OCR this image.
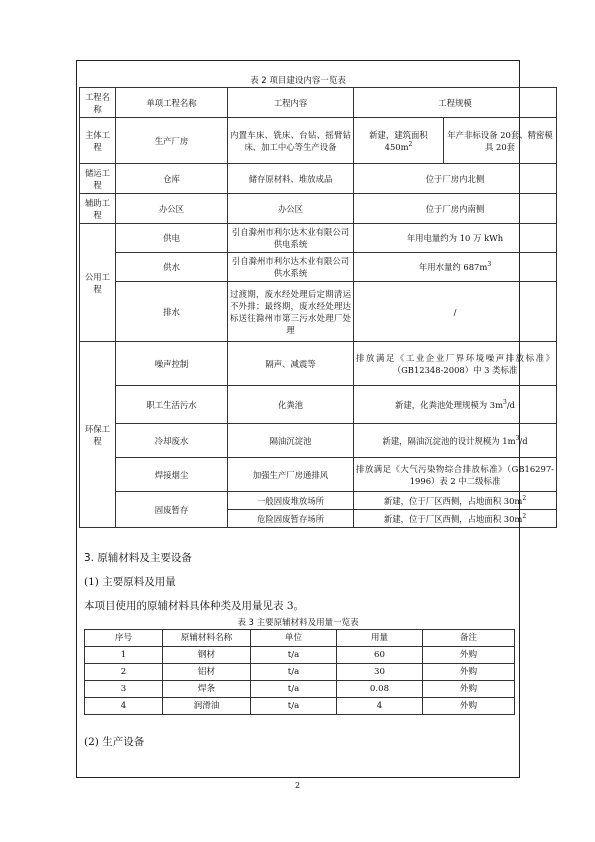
表 2 项目建设内容一览表
工程名称	单项工程名称	工程内容	工程规模	
主体工程	生产厂房	内置车床、铣床、台钻、摇臂钻床、加工中心等生产设备	新建，建筑面积$450m^2$	年产非标设备 20套、精密模具 20套
储运工程	仓库	储存原材料、堆放成品	位于厂房内北侧	
辅助工程	办公区	办公区	位于厂房内南侧	
公用工程	供电	引自滁州市利尔达木业有限公司供电系统	年用电量约为 10 万 kWh	
	供水	引自滁州市利尔达木业有限公司供水系统	年用水量约 $687m^3$
	排水	过渡期，废水经处理后定期清运不外排；最终期，废水经处理达标送往滁州市第三污水处理厂处理	/	
环保工程	噪声控制	隔声、减震等	排放满足《工业企业厂界环境噪声排放标准》（GB12348-2008）中 3 类标准	
	职工生活污水	化粪池	新建，化粪池处理规模为 $3m^3/d$	
	冷却废水	隔油沉淀池	新建，隔油沉淀池的设计规模为 $1m^3/d$	
	焊接烟尘	加强生产厂房通排风	排放满足《大气污染物综合排放标准》（GB16297-1996）表 2 中二级标准	
	固废暂存	一般固废堆放场所	新建，位于厂区西侧，占地面积 $30m^2$
		危险固废暂存场所	新建，位于厂区西侧，占地面积 $30m^2$
3. 原辅材料及主要设备
(1) 主要原料及用量
本项目使用的原辅材料具体种类及用量见表 3。
表 3 主要原辅材料及用量一览表
序号	原辅材料名称	单位	用量	备注
1	钢材	t/a	60	外购
2	铝材	t/a	30	外购
3	焊条	t/a	0.08	外购
4	润滑油	t/a	4	外购
(2) 生产设备
2
